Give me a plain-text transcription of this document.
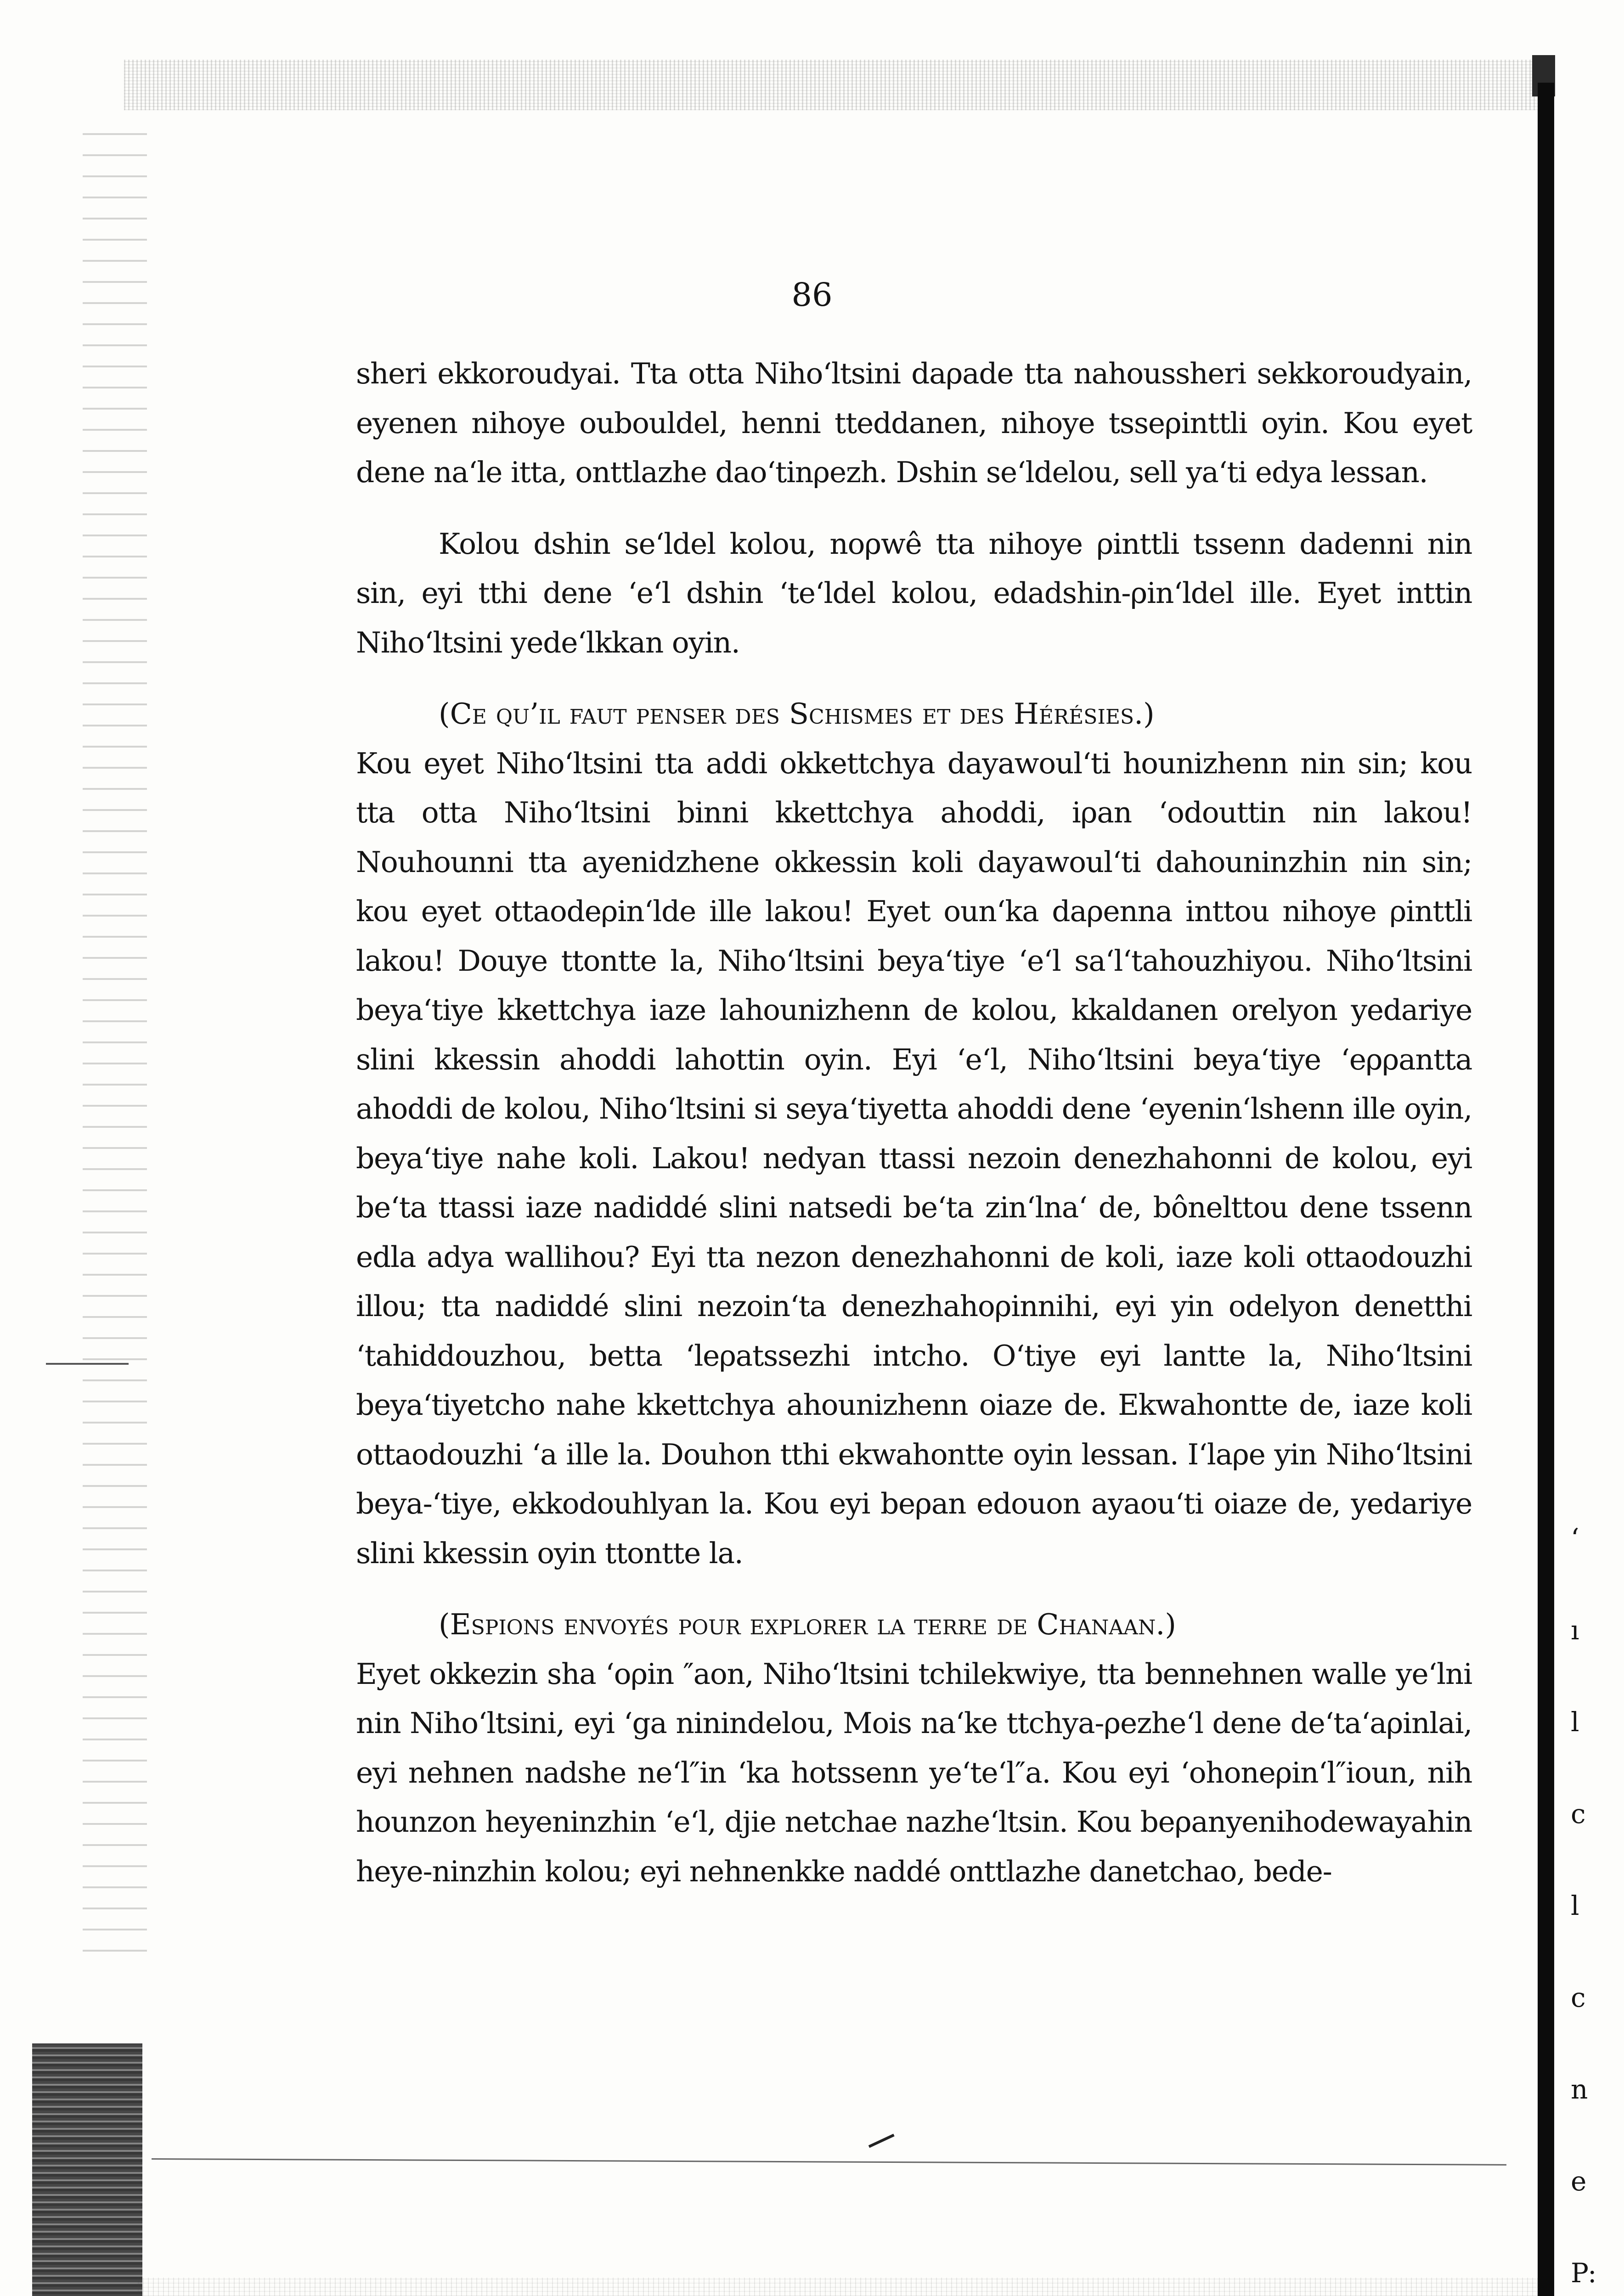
86

sheri ekkoroudyai. Tta otta Niho‘ltsini daρade tta nahoussheri sekkoroudyain, eyenen nihoye oubouldel, henni tteddanen, nihoye tsseρinttli oyin. Kou eyet dene na‘le itta, onttlazhe dao‘tinρezh. Dshin se‘ldelou, sell ya‘ti edya lessan.

Kolou dshin se‘ldel kolou, noρwê tta nihoye ρinttli tssenn dadenni nin sin, eyi tthi dene ‘e‘l dshin ‘te‘ldel kolou, edadshin-ρin‘ldel ille. Eyet inttin Niho‘ltsini yede‘lkkan oyin.

(Ce qu’il faut penser des Schismes et des Hérésies.)

Kou eyet Niho‘ltsini tta addi okkettchya dayawoul‘ti hounizhenn nin sin; kou tta otta Niho‘ltsini binni kkettchya ahoddi, iρan ‘odouttin nin lakou! Nouhounni tta ayenidzhene okkessin koli dayawoul‘ti dahouninzhin nin sin; kou eyet ottaodeρin‘lde ille lakou! Eyet oun‘ka daρenna inttou nihoye ρinttli lakou! Douye ttontte la, Niho‘ltsini beya‘tiye ‘e‘l sa‘l‘tahouzhiyou. Niho‘ltsini beya‘tiye kkettchya iaze lahounizhenn de kolou, kkaldanen orelyon yedariye slini kkessin ahoddi lahottin oyin. Eyi ‘e‘l, Niho‘ltsini beya‘tiye ‘eρρantta ahoddi de kolou, Niho‘ltsini si seya‘tiyetta ahoddi dene ‘eyenin‘lshenn ille oyin, beya‘tiye nahe koli. Lakou! nedyan ttassi nezoin denezhahonni de kolou, eyi be‘ta ttassi iaze nadiddé slini natsedi be‘ta zin‘lna‘ de, bônelttou dene tssenn edla adya wallihou? Eyi tta nezon denezhahonni de koli, iaze koli ottaodouzhi illou; tta nadiddé slini nezoin‘ta denezhahoρinnihi, eyi yin odelyon denetthi ‘tahiddouzhou, betta ‘leρatssezhi intcho. O‘tiye eyi lantte la, Niho‘ltsini beya‘tiyetcho nahe kkettchya ahounizhenn oiaze de. Ekwahontte de, iaze koli ottaodouzhi ‘a ille la. Douhon tthi ekwahontte oyin lessan. I‘laρe yin Niho‘ltsini beya-‘tiye, ekkodouhlyan la. Kou eyi beρan edouon ayaou‘ti oiaze de, yedariye slini kkessin oyin ttontte la.

(Espions envoyés pour explorer la terre de Chanaan.)

Eyet okkezin sha ‘oρin ″aon, Niho‘ltsini tchilekwiye, tta bennehnen walle ye‘lni nin Niho‘ltsini, eyi ‘ga ninindelou, Mois na‘ke ttchya-ρezhe‘l dene de‘ta‘aρinlai, eyi nehnen nadshe ne‘l″in ‘ka hotssenn ye‘te‘l″a. Kou eyi ‘ohoneρin‘l″ioun, nih hounzon heyeninzhin ‘e‘l, djie netchae nazhe‘ltsin. Kou beρanyenihodewayahin heye-ninzhin kolou; eyi nehnenkke naddé onttlazhe danetchao, bede-

‘
ı
l
c
l
c
n
e
P:
